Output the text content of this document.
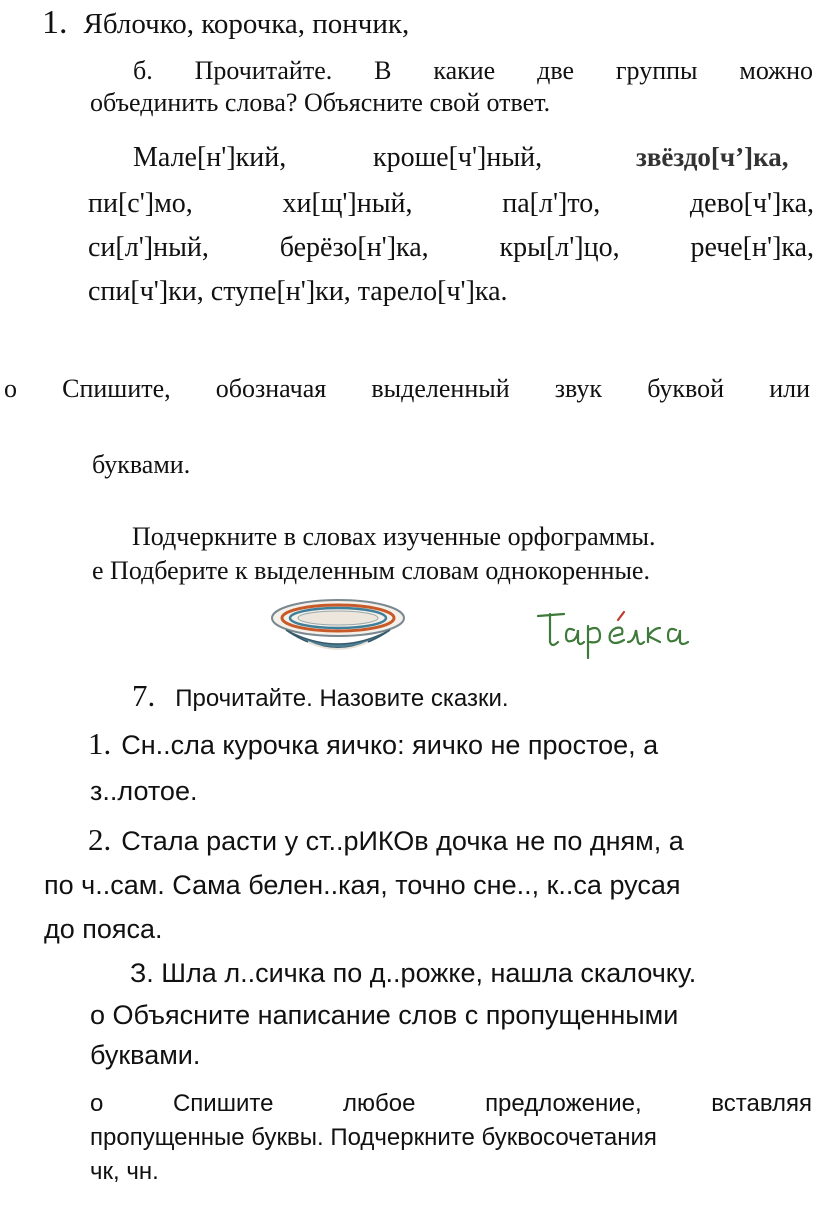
1. Яблочко, корочка, пончик,
б. Прочитайте. В какие две группы можно
объединить слова? Объясните свой ответ.
Мале[н']кий,	кроше[ч']ный,	звёздо[ч’]ка,
пи[с']мо,	хи[щ']ный,	па[л']то,	дево[ч']ка,
си[л']ный,	берёзо[н']ка,	кры[л']цо,	рече[н']ка,
спи[ч']ки, ступе[н']ки, тарело[ч']ка.
о Спишите, обозначая выделенный звук буквой или
буквами.
Подчеркните в словах изученные орфограммы.
е Подберите к выделенным словам однокоренные.
7. Прочитайте. Назовите сказки.
1. Сн..сла курочка яичко: яичко не простое, а
з..лотое.
2. Стала расти у ст..рИКОв дочка не по дням, а
по ч..сам. Сама белен..кая, точно сне.., к..са русая
до пояса.
З. Шла л..сичка по д..рожке, нашла скалочку.
о Объясните написание слов с пропущенными
буквами.
о	Спишите	любое	предложение,	вставляя
пропущенные буквы. Подчеркните буквосочетания
чк, чн.
